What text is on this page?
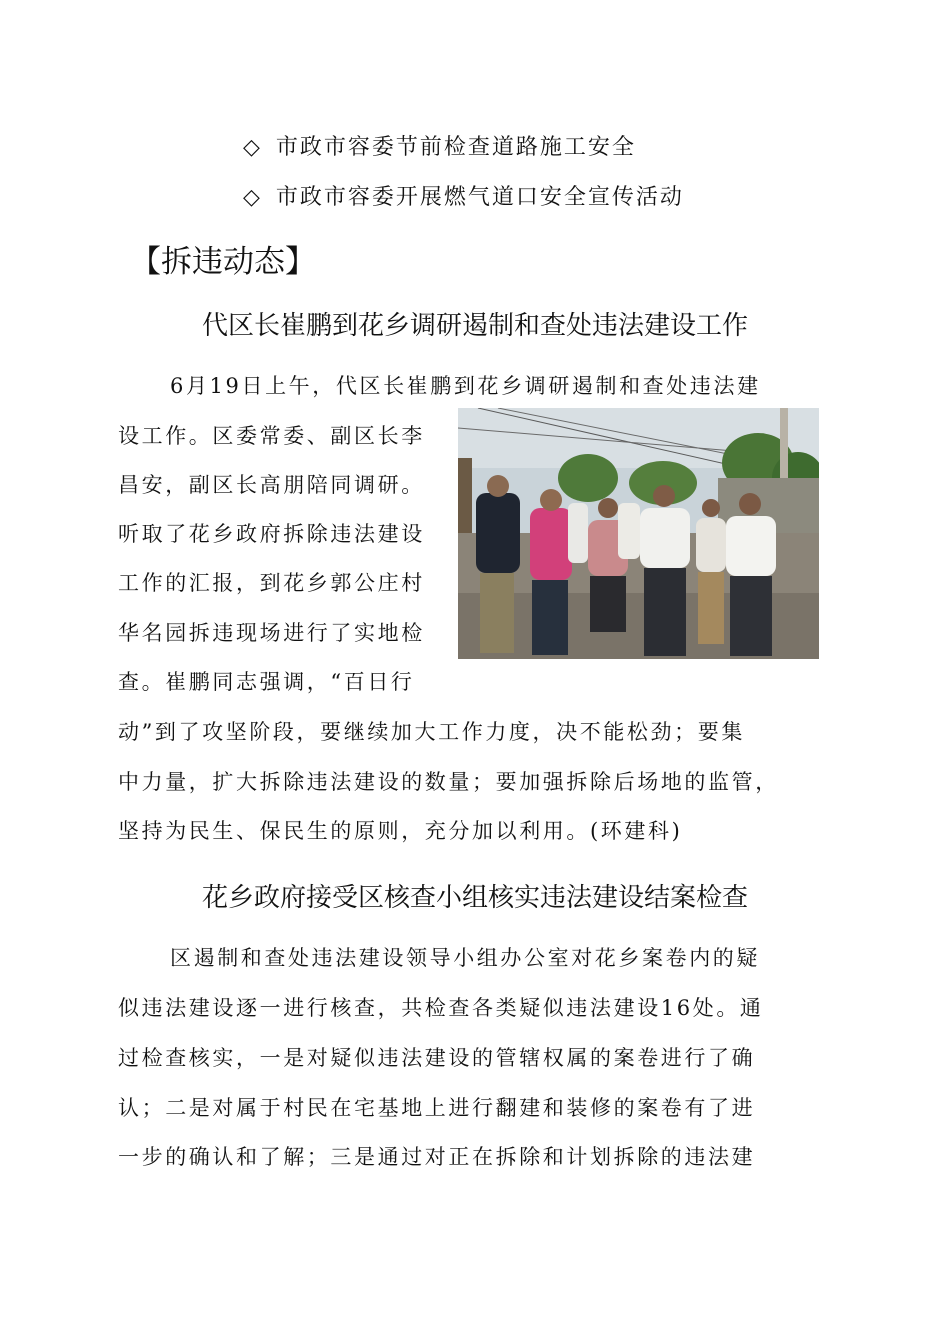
◇ 市政市容委节前检查道路施工安全
◇ 市政市容委开展燃气道口安全宣传活动
【拆违动态】
代区长崔鹏到花乡调研遏制和查处违法建设工作
6月19日上午，代区长崔鹏到花乡调研遏制和查处违法建
设工作。区委常委、副区长李
昌安，副区长高朋陪同调研。
听取了花乡政府拆除违法建设
工作的汇报，到花乡郭公庄村
华名园拆违现场进行了实地检
查。崔鹏同志强调，“百日行
动”到了攻坚阶段，要继续加大工作力度，决不能松劲；要集
中力量，扩大拆除违法建设的数量；要加强拆除后场地的监管，
坚持为民生、保民生的原则，充分加以利用。(环建科)
花乡政府接受区核查小组核实违法建设结案检查
区遏制和查处违法建设领导小组办公室对花乡案卷内的疑
似违法建设逐一进行核查，共检查各类疑似违法建设16处。通
过检查核实，一是对疑似违法建设的管辖权属的案卷进行了确
认；二是对属于村民在宅基地上进行翻建和装修的案卷有了进
一步的确认和了解；三是通过对正在拆除和计划拆除的违法建
